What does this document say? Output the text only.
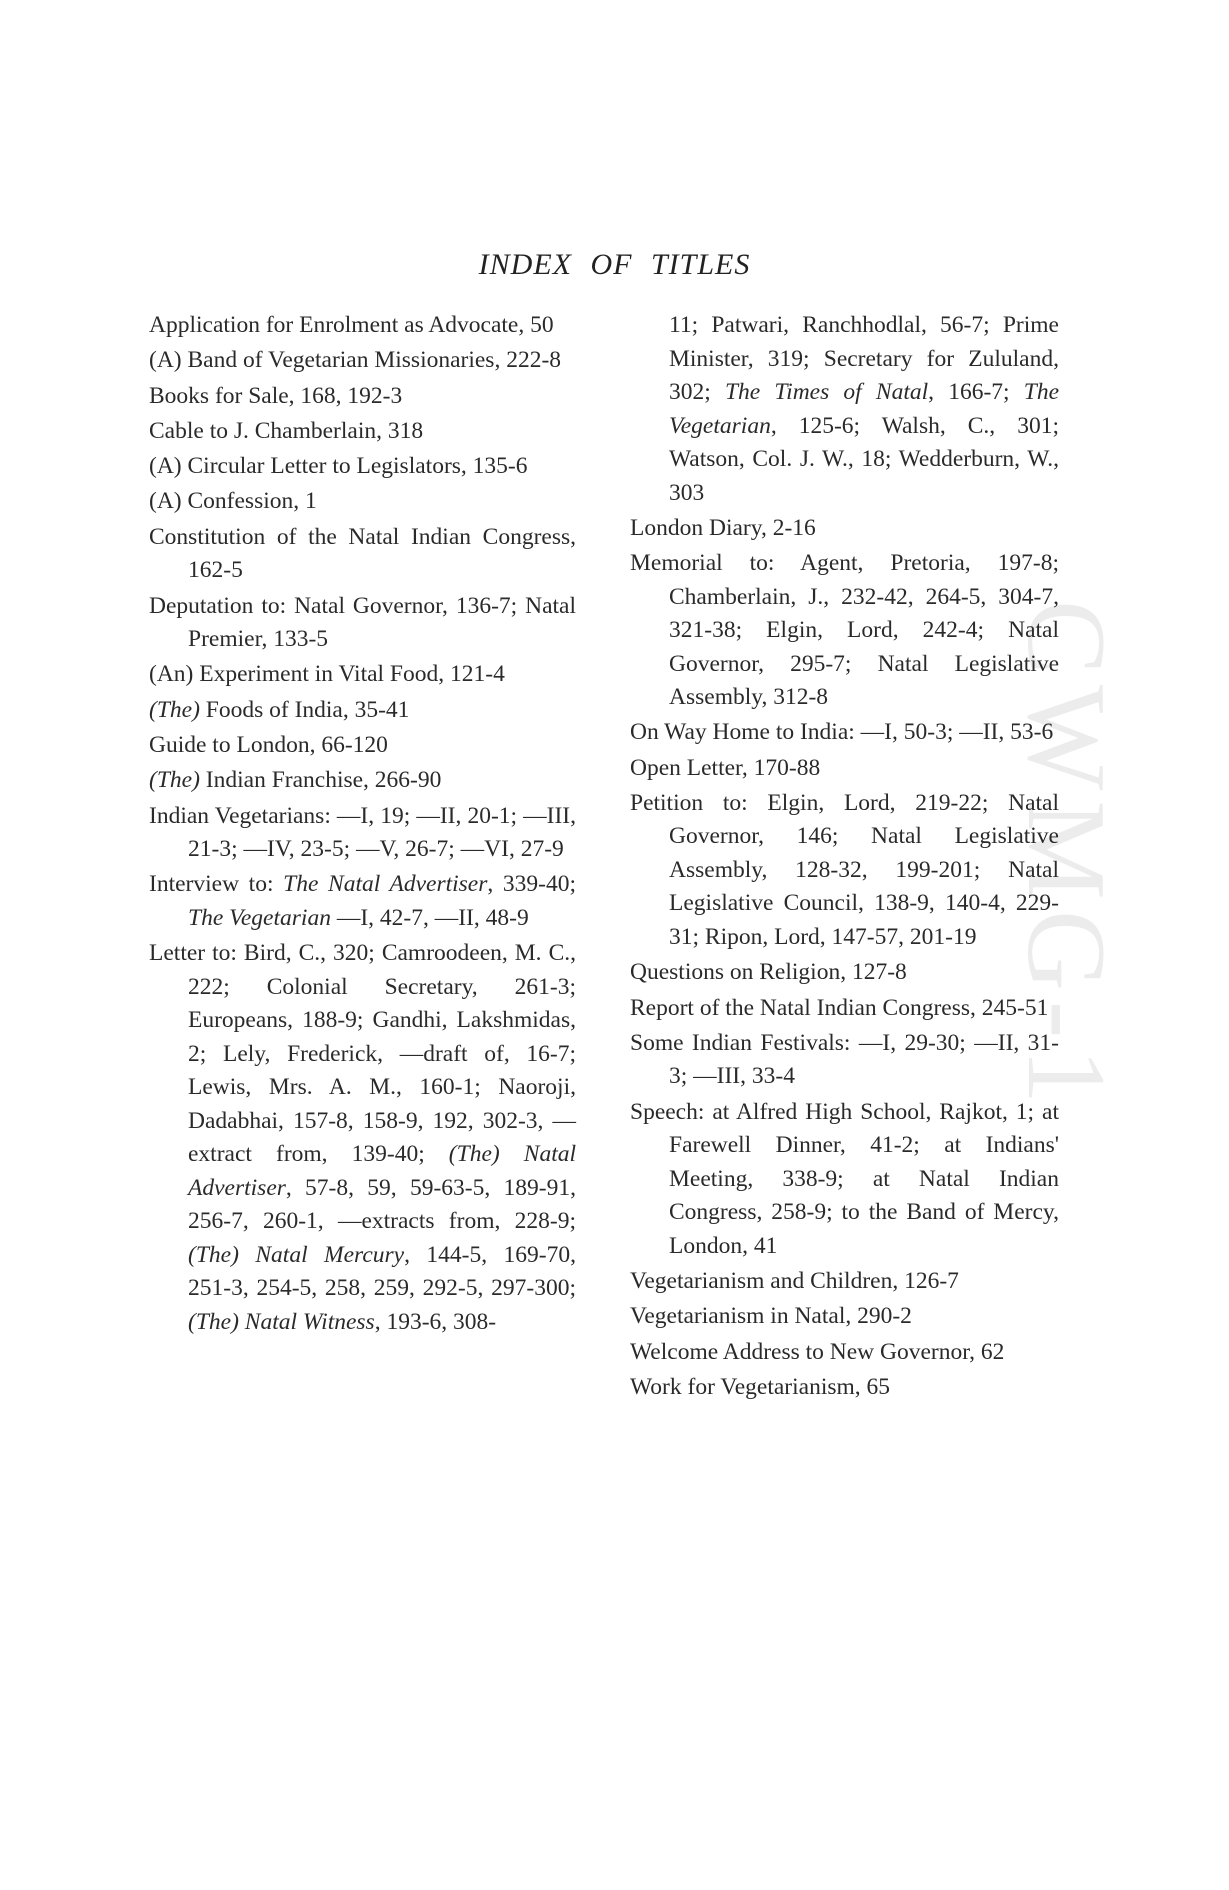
CWMG-1
INDEX OF TITLES
Application for Enrolment as Advocate, 50
(A) Band of Vegetarian Missionaries, 222-8
Books for Sale, 168, 192-3
Cable to J. Chamberlain, 318
(A) Circular Letter to Legislators, 135-6
(A) Confession, 1
Constitution of the Natal Indian Congress, 162-5
Deputation to: Natal Governor, 136-7; Natal Premier, 133-5
(An) Experiment in Vital Food, 121-4
(The) Foods of India, 35-41
Guide to London, 66-120
(The) Indian Franchise, 266-90
Indian Vegetarians: —I, 19; —II, 20-1; —III, 21-3; —IV, 23-5; —V, 26-7; —VI, 27-9
Interview to: The Natal Advertiser, 339-40; The Vegetarian —I, 42-7, —II, 48-9
Letter to: Bird, C., 320; Camroodeen, M. C., 222; Colonial Secretary, 261-3; Europeans, 188-9; Gandhi, Lakshmidas, 2; Lely, Frederick, —draft of, 16-7; Lewis, Mrs. A. M., 160-1; Naoroji, Dadabhai, 157-8, 158-9, 192, 302-3, —extract from, 139-40; (The) Natal Advertiser, 57-8, 59, 59-63-5, 189-91, 256-7, 260-1, —extracts from, 228-9; (The) Natal Mercury, 144-5, 169-70, 251-3, 254-5, 258, 259, 292-5, 297-300; (The) Natal Witness, 193-6, 308-
11; Patwari, Ranchhodlal, 56-7; Prime Minister, 319; Secretary for Zululand, 302; The Times of Natal, 166-7; The Vegetarian, 125-6; Walsh, C., 301; Watson, Col. J. W., 18; Wedderburn, W., 303
London Diary, 2-16
Memorial to: Agent, Pretoria, 197-8; Chamberlain, J., 232-42, 264-5, 304-7, 321-38; Elgin, Lord, 242-4; Natal Governor, 295-7; Natal Legislative Assembly, 312-8
On Way Home to India: —I, 50-3; —II, 53-6
Open Letter, 170-88
Petition to: Elgin, Lord, 219-22; Natal Governor, 146; Natal Legislative Assembly, 128-32, 199-201; Natal Legislative Council, 138-9, 140-4, 229-31; Ripon, Lord, 147-57, 201-19
Questions on Religion, 127-8
Report of the Natal Indian Congress, 245-51
Some Indian Festivals: —I, 29-30; —II, 31-3; —III, 33-4
Speech: at Alfred High School, Rajkot, 1; at Farewell Dinner, 41-2; at Indians' Meeting, 338-9; at Natal Indian Congress, 258-9; to the Band of Mercy, London, 41
Vegetarianism and Children, 126-7
Vegetarianism in Natal, 290-2
Welcome Address to New Governor, 62
Work for Vegetarianism, 65
